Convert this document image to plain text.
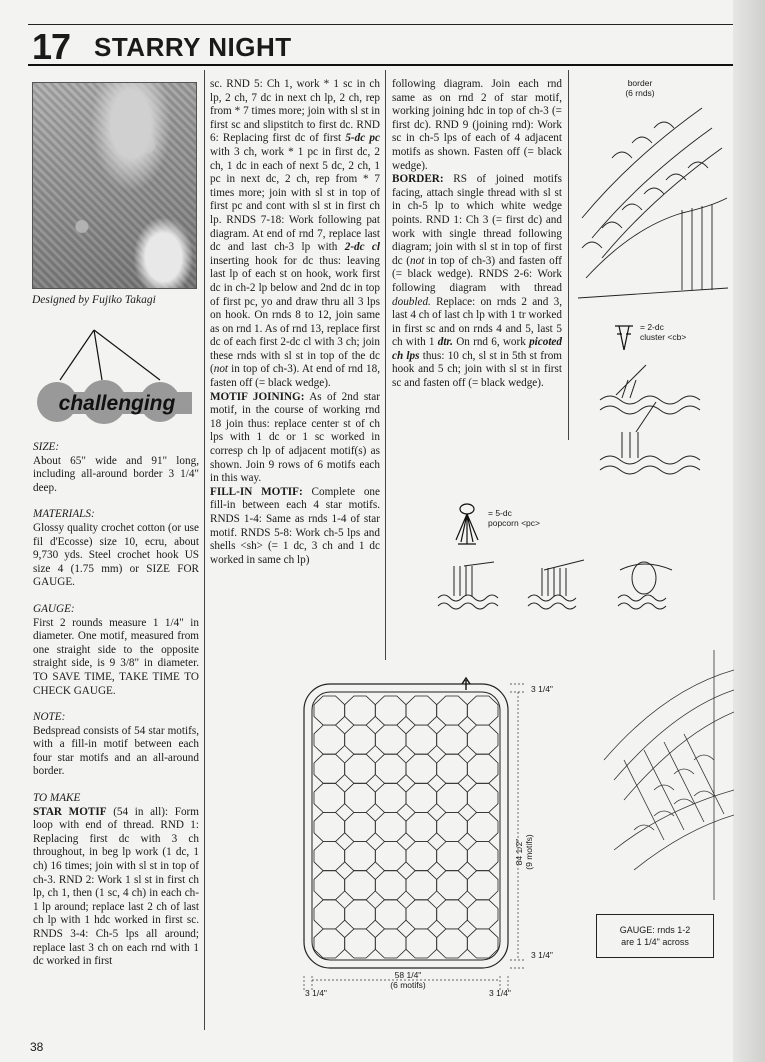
17 STARRY NIGHT
Designed by Fujiko Takagi
challenging

SIZE:

About 65" wide and 91" long, including all-around border 3 1/4" deep.

MATERIALS:

Glossy quality crochet cotton (or use fil d'Ecosse) size 10, ecru, about 9,730 yds. Steel crochet hook US size 4 (1.75 mm) or SIZE FOR GAUGE.

GAUGE:

First 2 rounds measure 1 1/4" in diameter. One motif, measured from one straight side to the opposite straight side, is 9 3/8" in diameter. TO SAVE TIME, TAKE TIME TO CHECK GAUGE.

NOTE:

Bedspread consists of 54 star motifs, with a fill-in motif between each four star motifs and an all-around border.

TO MAKE

STAR MOTIF (54 in all): Form loop with end of thread. RND 1: Replacing first dc with 3 ch throughout, in beg lp work (1 dc, 1 ch) 16 times; join with sl st in top of ch-3. RND 2: Work 1 sl st in first ch lp, ch 1, then (1 sc, 4 ch) in each ch-1 lp around; replace last 2 ch of last ch lp with 1 hdc worked in first sc. RNDS 3-4: Ch-5 lps all around; replace last 3 ch on each rnd with 1 dc worked in first

sc. RND 5: Ch 1, work * 1 sc in ch lp, 2 ch, 7 dc in next ch lp, 2 ch, rep from * 7 times more; join with sl st in first sc and slipstitch to first dc. RND 6: Replacing first dc of first 5-dc pc with 3 ch, work * 1 pc in first dc, 2 ch, 1 dc in each of next 5 dc, 2 ch, 1 pc in next dc, 2 ch, rep from * 7 times more; join with sl st in top of first pc and cont with sl st in first ch lp. RNDS 7-18: Work following pat diagram. At end of rnd 7, replace last dc and last ch-3 lp with 2-dc cl inserting hook for dc thus: leaving last lp of each st on hook, work first dc in ch-2 lp below and 2nd dc in top of first pc, yo and draw thru all 3 lps on hook. On rnds 8 to 12, join same as on rnd 1. As of rnd 13, replace first dc of each first 2-dc cl with 3 ch; join these rnds with sl st in top of the dc (not in top of ch-3). At end of rnd 18, fasten off (= black wedge).

MOTIF JOINING: As of 2nd star motif, in the course of working rnd 18 join thus: replace center st of ch lps with 1 dc or 1 sc worked in corresp ch lp of adjacent motif(s) as shown. Join 9 rows of 6 motifs each in this way.

FILL-IN MOTIF: Complete one fill-in between each 4 star motifs. RNDS 1-4: Same as rnds 1-4 of star motif. RNDS 5-8: Work ch-5 lps and shells <sh> (= 1 dc, 3 ch and 1 dc worked in same ch lp)

following diagram. Join each rnd same as on rnd 2 of star motif, working joining hdc in top of ch-3 (= first dc). RND 9 (joining rnd): Work sc in ch-5 lps of each of 4 adjacent motifs as shown. Fasten off (= black wedge).

BORDER: RS of joined motifs facing, attach single thread with sl st in ch-5 lp to which white wedge points. RND 1: Ch 3 (= first dc) and work with single thread following diagram; join with sl st in top of first dc (not in top of ch-3) and fasten off (= black wedge). RNDS 2-6: Work following diagram with thread doubled. Replace: on rnds 2 and 3, last 4 ch of last ch lp with 1 tr worked in first sc and on rnds 4 and 5, last 5 ch with 1 dtr. On rnd 6, work picoted ch lps thus: 10 ch, sl st in 5th st from hook and 5 ch; join with sl st in first sc and fasten off (= black wedge).

border
(6 rnds)
= 2-dc
cluster <cb>
= 5-dc
popcorn <pc>
3 1/4"
84 1/2"
(9 motifs)
3 1/4"
58 1/4"
(6 motifs)
3 1/4"	3 1/4"
GAUGE: rnds 1-2
are 1 1/4" across
38
